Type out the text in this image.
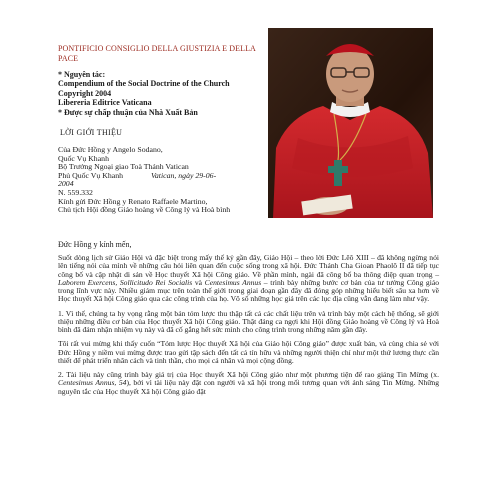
PONTIFICIO CONSIGLIO DELLA GIUSTIZIA E DELLA PACE
* Nguyên tác:
Compendium of the Social Doctrine of the Church
Copyright 2004
Libereria Editrice Vaticana
* Được sự chấp thuận của Nhà Xuất Bản
LỜI GIỚI THIỆU
Của Đức Hồng y Angelo Sodano,
Quốc Vụ Khanh
Bộ Trưởng Ngoại giao Toà Thánh Vatican
Phủ Quốc Vụ Khanh	Vatican, ngày 29-06-
2004
N. 559.332
Kính gửi Đức Hồng y Renato Raffaele Martino,
Chủ tịch Hội đồng Giáo hoàng về Công lý và Hoà bình
Đức Hồng y kính mến,

Suốt dòng lịch sử Giáo Hội và đặc biệt trong mấy thế kỷ gần đây, Giáo Hội – theo lời Đức Lêô XIII – đã không ngừng nói lên tiếng nói của mình về những câu hỏi liên quan đến cuộc sống trong xã hội. Đức Thánh Cha Gioan Phaolô II đã tiếp tục công bố và cập nhật di sản về Học thuyết Xã hội Công giáo. Về phần mình, ngài đã công bố ba thông điệp quan trọng – Laborem Exercens, Sollicitudo Rei Socialis và Centesimus Annus – trình bày những bước cơ bản của tư tưởng Công giáo trong lĩnh vực này. Nhiều giám mục trên toàn thế giới trong giai đoạn gần đây đã đóng góp những hiểu biết sâu xa hơn về Học thuyết Xã hội Công giáo qua các công trình của họ. Vô số những học giả trên các lục địa cũng vẫn đang làm như vậy.

1. Vì thế, chúng ta hy vọng rằng một bản tóm lược thu thập tất cả các chất liệu trên và trình bày một cách hệ thống, sẽ giới thiệu những điều cơ bản của Học thuyết Xã hội Công giáo. Thật đáng ca ngợi khi Hội đồng Giáo hoàng về Công lý và Hoà bình đã đảm nhận nhiệm vụ này và đã cố gắng hết sức mình cho công trình trong những năm gần đây.

Tôi rất vui mừng khi thấy cuốn “Tóm lược Học thuyết Xã hội của Giáo hội Công giáo” được xuất bản, và cùng chia sẻ với Đức Hồng y niềm vui mừng được trao gửi tập sách đến tất cả tín hữu và những người thiện chí như một thứ lương thực cần thiết để phát triển nhân cách và tinh thần, cho mọi cá nhân và mọi cộng đồng.

2. Tài liệu này cũng trình bày giá trị của Học thuyết Xã hội Công giáo như một phương tiện để rao giảng Tin Mừng (x. Centesimus Annus, 54), bởi vì tài liệu này đặt con người và xã hội trong mối tương quan với ánh sáng Tin Mừng. Những nguyên tắc của Học thuyết Xã hội Công giáo đặt
